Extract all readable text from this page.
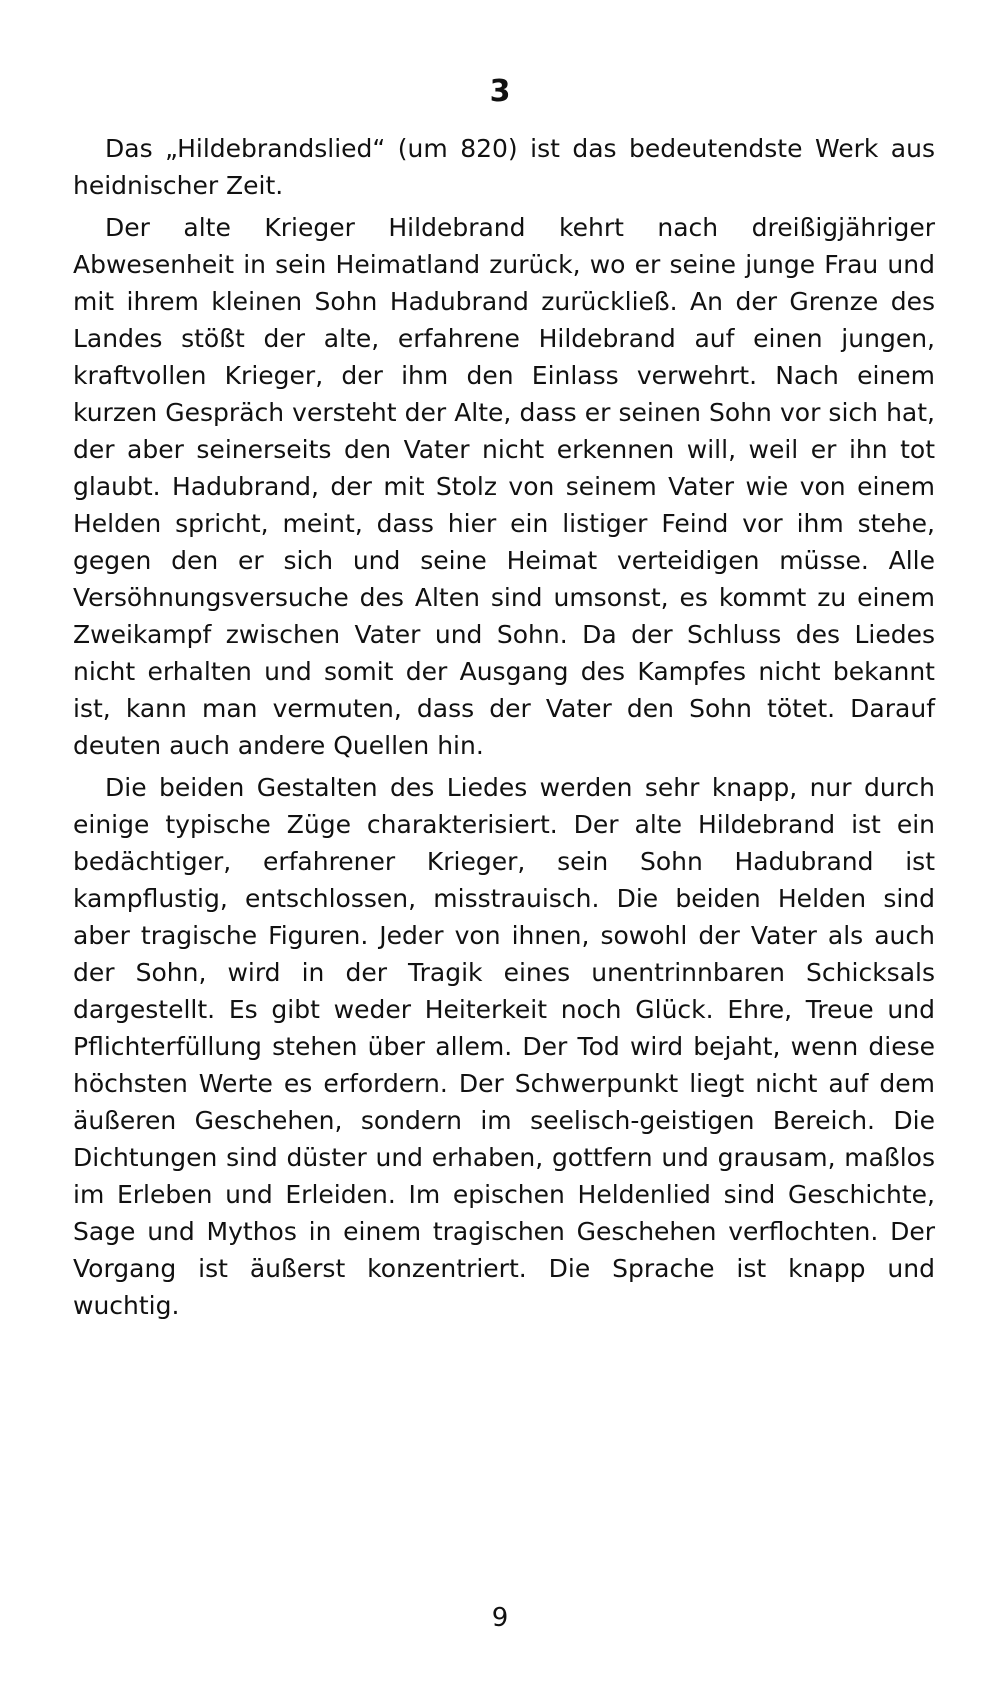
3

Das „Hildebrandslied“ (um 820) ist das bedeutendste Werk aus heidnischer Zeit.

Der alte Krieger Hildebrand kehrt nach dreißigjähriger Abwesenheit in sein Heimatland zurück, wo er seine junge Frau und mit ihrem kleinen Sohn Hadubrand zurückließ. An der Grenze des Landes stößt der alte, erfahrene Hildebrand auf einen jungen, kraftvollen Krieger, der ihm den Einlass verwehrt. Nach einem kurzen Gespräch versteht der Alte, dass er seinen Sohn vor sich hat, der aber seinerseits den Vater nicht erkennen will, weil er ihn tot glaubt. Hadubrand, der mit Stolz von seinem Vater wie von einem Helden spricht, meint, dass hier ein listiger Feind vor ihm stehe, gegen den er sich und seine Heimat verteidigen müsse. Alle Versöhnungsversuche des Alten sind umsonst, es kommt zu einem Zweikampf zwischen Vater und Sohn. Da der Schluss des Liedes nicht erhalten und somit der Ausgang des Kampfes nicht bekannt ist, kann man vermuten, dass der Vater den Sohn tötet. Darauf deuten auch andere Quellen hin.

Die beiden Gestalten des Liedes werden sehr knapp, nur durch einige typische Züge charakterisiert. Der alte Hildebrand ist ein bedächtiger, erfahrener Krieger, sein Sohn Hadubrand ist kampflustig, entschlossen, misstrauisch. Die beiden Helden sind aber tragische Figuren. Jeder von ihnen, sowohl der Vater als auch der Sohn, wird in der Tragik eines unentrinnbaren Schicksals dargestellt. Es gibt weder Heiterkeit noch Glück. Ehre, Treue und Pflichterfüllung stehen über allem. Der Tod wird bejaht, wenn diese höchsten Werte es erfordern. Der Schwerpunkt liegt nicht auf dem äußeren Geschehen, sondern im seelisch-geistigen Bereich. Die Dichtungen sind düster und erhaben, gottfern und grausam, maßlos im Erleben und Erleiden. Im epischen Heldenlied sind Geschichte, Sage und Mythos in einem tragischen Geschehen verflochten. Der Vorgang ist äußerst konzentriert. Die Sprache ist knapp und wuchtig.

9
